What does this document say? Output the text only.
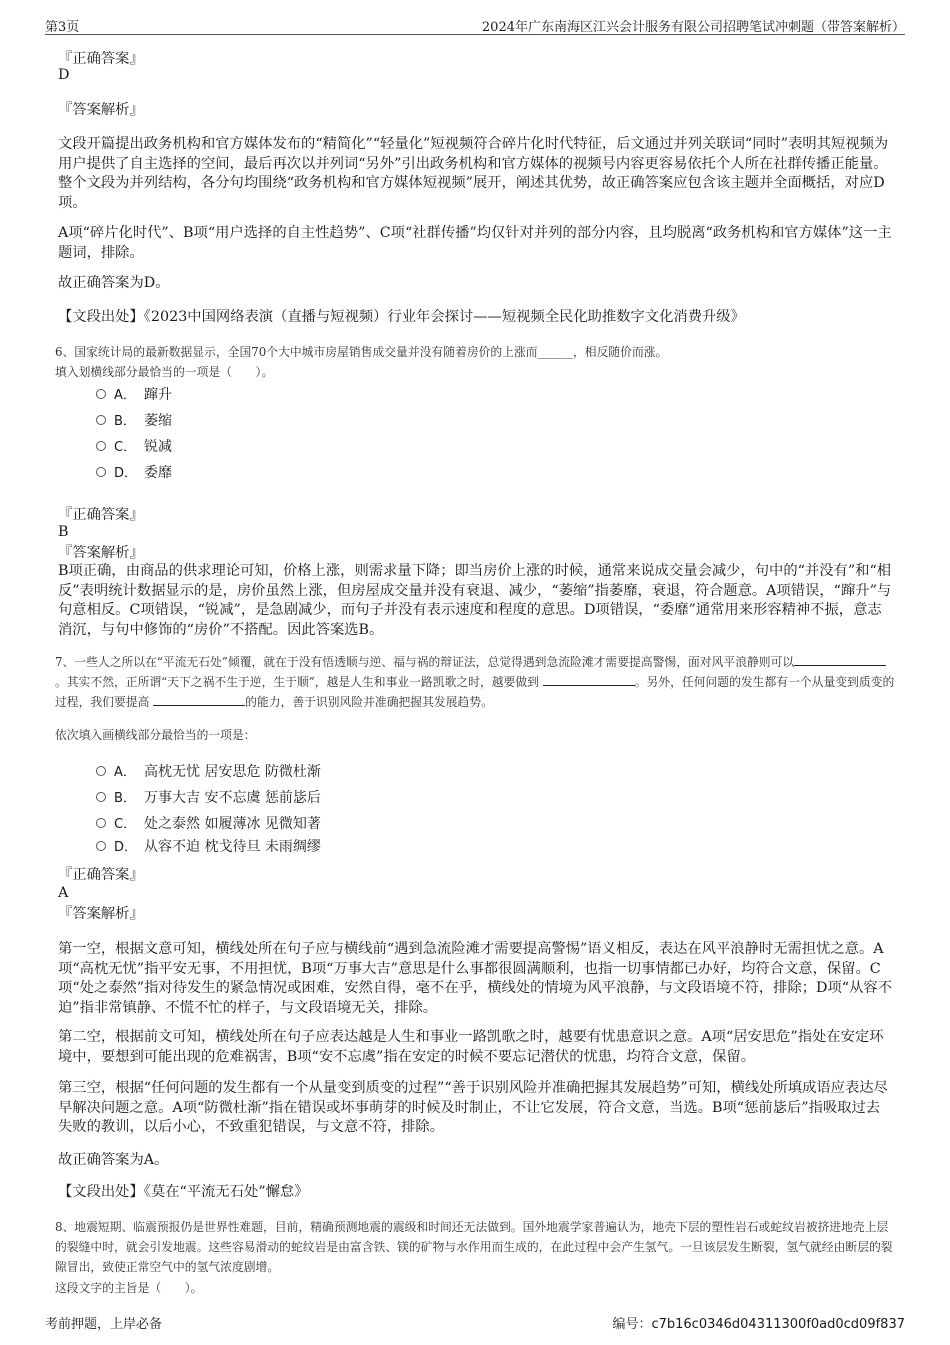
第3页	2024年广东南海区江兴会计服务有限公司招聘笔试冲刺题（带答案解析）
『正确答案』
D
『答案解析』

文段开篇提出政务机构和官方媒体发布的“精简化”“轻量化”短视频符合碎片化时代特征，后文通过并列关联词“同时”表明其短视频为用户提供了自主选择的空间，最后再次以并列词“另外”引出政务机构和官方媒体的视频号内容更容易依托个人所在社群传播正能量。整个文段为并列结构，各分句均围绕“政务机构和官方媒体短视频”展开，阐述其优势，故正确答案应包含该主题并全面概括，对应D项。

A项“碎片化时代”、B项“用户选择的自主性趋势”、C项“社群传播”均仅针对并列的部分内容，且均脱离“政务机构和官方媒体”这一主题词，排除。

故正确答案为D。

【文段出处】《2023中国网络表演（直播与短视频）行业年会探讨——短视频全民化助推数字文化消费升级》

6、国家统计局的最新数据显示，全国70个大中城市房屋销售成交量并没有随着房价的上涨而______，相反随价而涨。

填入划横线部分最恰当的一项是（　　）。

A． 蹿升
B． 萎缩
C． 锐减
D． 委靡
『正确答案』
B
『答案解析』

B项正确，由商品的供求理论可知，价格上涨，则需求量下降；即当房价上涨的时候，通常来说成交量会减少，句中的“并没有”和“相反”表明统计数据显示的是，房价虽然上涨，但房屋成交量并没有衰退、减少，“萎缩”指萎靡，衰退，符合题意。A项错误，“蹿升”与句意相反。C项错误，“锐减”，是急剧减少，而句子并没有表示速度和程度的意思。D项错误，“委靡”通常用来形容精神不振，意志消沉，与句中修饰的“房价”不搭配。因此答案选B。

7、一些人之所以在“平流无石处”倾覆，就在于没有悟透顺与逆、福与祸的辩证法，总觉得遇到急流险滩才需要提高警惕，面对风平浪静则可以。其实不然，正所谓“天下之祸不生于逆，生于顺”，越是人生和事业一路凯歌之时，越要做到	。另外，任何问题的发生都有一个从量变到质变的过程，我们要提高	的能力，善于识别风险并准确把握其发展趋势。

依次填入画横线部分最恰当的一项是：

A． 高枕无忧 居安思危 防微杜渐
B． 万事大吉 安不忘虞 惩前毖后
C． 处之泰然 如履薄冰 见微知著
D． 从容不迫 枕戈待旦 未雨绸缪
『正确答案』
A
『答案解析』

第一空，根据文意可知，横线处所在句子应与横线前“遇到急流险滩才需要提高警惕”语义相反，表达在风平浪静时无需担忧之意。A项“高枕无忧”指平安无事，不用担忧，B项“万事大吉”意思是什么事都很圆满顺利，也指一切事情都已办好，均符合文意，保留。C项“处之泰然”指对待发生的紧急情况或困难，安然自得，毫不在乎，横线处的情境为风平浪静，与文段语境不符，排除；D项“从容不迫”指非常镇静、不慌不忙的样子，与文段语境无关，排除。

第二空，根据前文可知，横线处所在句子应表达越是人生和事业一路凯歌之时，越要有忧患意识之意。A项“居安思危”指处在安定环境中，要想到可能出现的危难祸害，B项“安不忘虞”指在安定的时候不要忘记潜伏的忧患，均符合文意，保留。

第三空，根据“任何问题的发生都有一个从量变到质变的过程”“善于识别风险并准确把握其发展趋势”可知，横线处所填成语应表达尽早解决问题之意。A项“防微杜渐”指在错误或坏事萌芽的时候及时制止，不让它发展，符合文意，当选。B项“惩前毖后”指吸取过去失败的教训，以后小心，不致重犯错误，与文意不符，排除。

故正确答案为A。

【文段出处】《莫在“平流无石处”懈怠》

8、地震短期、临震预报仍是世界性难题，目前，精确预测地震的震级和时间还无法做到。国外地震学家普遍认为，地壳下层的塑性岩石或蛇纹岩被挤进地壳上层的裂缝中时，就会引发地震。这些容易滑动的蛇纹岩是由富含铁、镁的矿物与水作用而生成的，在此过程中会产生氢气。一旦该层发生断裂，氢气就经由断层的裂隙冒出，致使正常空气中的氢气浓度剧增。

这段文字的主旨是（　　）。

考前押题，上岸必备	编号：c7b16c0346d04311300f0ad0cd09f837
